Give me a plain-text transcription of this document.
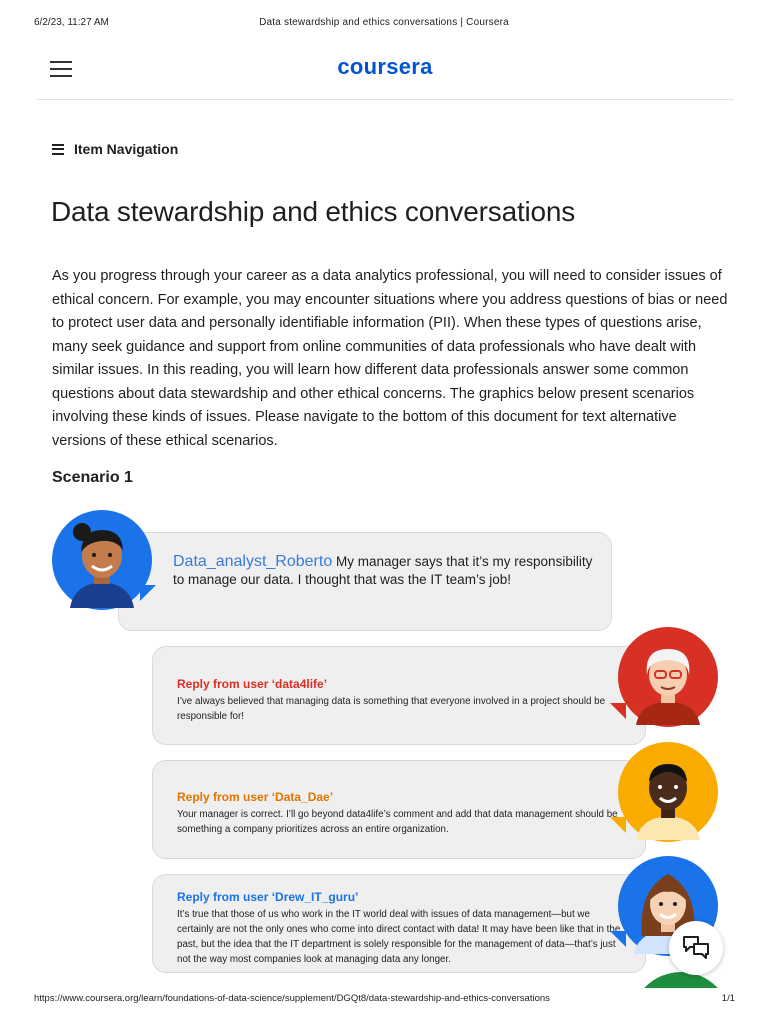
6/2/23, 11:27 AM	Data stewardship and ethics conversations | Coursera
coursera
Item Navigation
Data stewardship and ethics conversations

As you progress through your career as a data analytics professional, you will need to consider issues of ethical concern. For example, you may encounter situations where you address questions of bias or need to protect user data and personally identifiable information (PII). When these types of questions arise, many seek guidance and support from online communities of data professionals who have dealt with similar issues. In this reading, you will learn how different data professionals answer some common questions about data stewardship and other ethical concerns. The graphics below present scenarios involving these kinds of issues. Please navigate to the bottom of this document for text alternative versions of these ethical scenarios.

Scenario 1
Data_analyst_Roberto My manager says that it’s my responsibility to manage our data. I thought that was the IT team’s job!
Reply from user ‘data4life’
I’ve always believed that managing data is something that everyone involved in a project should be responsible for!
Reply from user ‘Data_Dae’
Your manager is correct. I’ll go beyond data4life’s comment and add that data management should be something a company prioritizes across an entire organization.
Reply from user ‘Drew_IT_guru’
It’s true that those of us who work in the IT world deal with issues of data management—but we certainly are not the only ones who come into direct contact with data! It may have been like that in the past, but the idea that the IT department is solely responsible for the management of data—that’s just not the way most companies look at managing data any longer.
https://www.coursera.org/learn/foundations-of-data-science/supplement/DGQt8/data-stewardship-and-ethics-conversations	1/1
